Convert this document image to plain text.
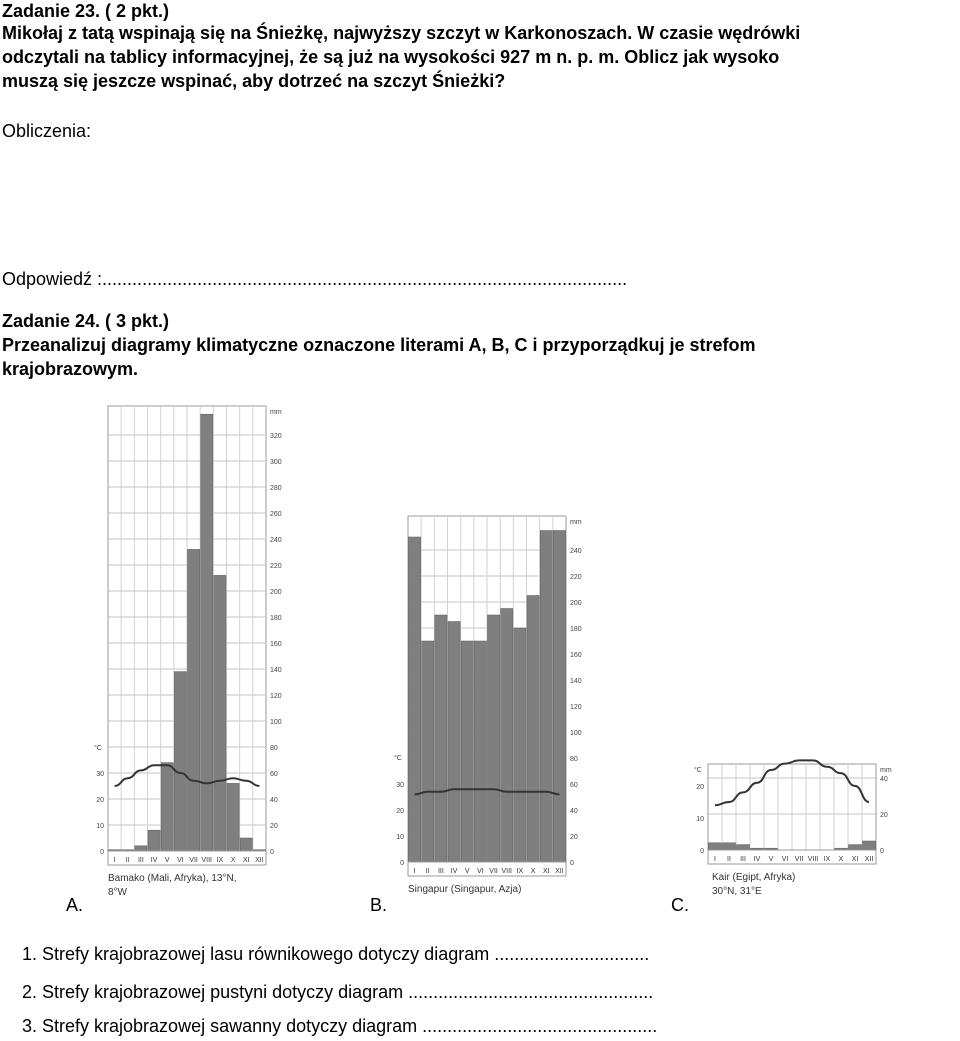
Zadanie 23. ( 2 pkt.)
Mikołaj z tatą wspinają się na Śnieżkę, najwyższy szczyt w Karkonoszach. W czasie wędrówki
odczytali na tablicy informacyjnej, że są już na wysokości 927 m n. p. m. Oblicz jak wysoko
muszą się jeszcze wspinać, aby dotrzeć na szczyt Śnieżki?
Obliczenia:
Odpowiedź :.........................................................................................................
Zadanie 24. ( 3 pkt.)
Przeanalizuj diagramy klimatyczne oznaczone literami A, B, C i przyporządkuj je strefom
krajobrazowym.
I II III IV V VI VII VIII IX X XI XII
0
20
40
60
80
100
120
140
160
180
200
220
240
260
280
300
320
mm
0
10
20
30
°C
Bamako (Mali, Afryka), 13°N,
8°W
A.
I II III IV V VI VII VIII IX X XI XII
0
20
40
60
80
100
120
140
160
180
200
220
240
mm
0
10
20
30
°C
Singapur (Singapur, Azja)
B.
I II III IV V VI VII VIII IX X XI XII
0
20
40
mm
0
10
20
°C
Kair (Egipt, Afryka)
30°N, 31°E
C.
1. Strefy krajobrazowej lasu równikowego dotyczy diagram ...............................
2. Strefy krajobrazowej pustyni dotyczy diagram .................................................
3. Strefy krajobrazowej sawanny dotyczy diagram ...............................................
